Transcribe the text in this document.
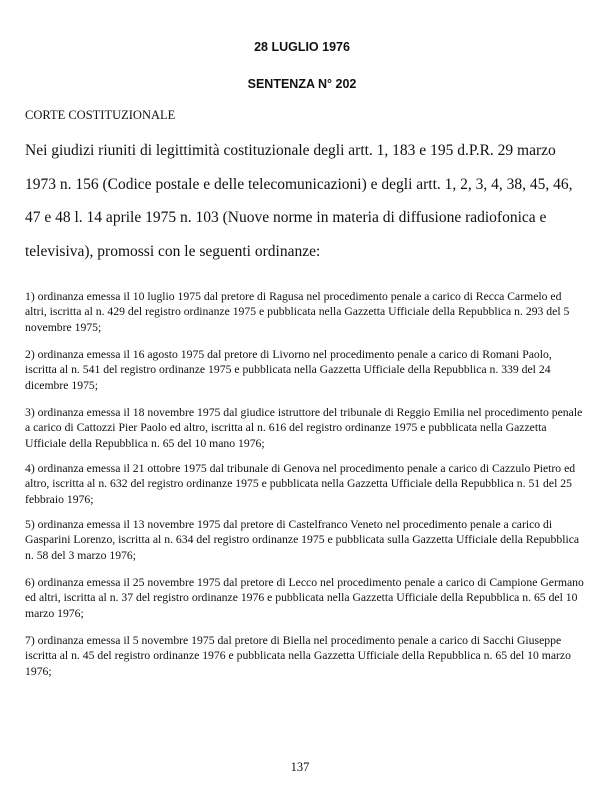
28 LUGLIO 1976
SENTENZA N° 202
CORTE COSTITUZIONALE

Nei giudizi riuniti di legittimità costituzionale degli artt. 1, 183 e 195 d.P.R. 29 marzo 1973 n. 156 (Codice postale e delle telecomunicazioni) e degli artt. 1, 2, 3, 4, 38, 45, 46, 47 e 48 l. 14 aprile 1975 n. 103 (Nuove norme in materia di diffusione radiofonica e televisiva), promossi con le seguenti ordinanze:

1) ordinanza emessa il 10 luglio 1975 dal pretore di Ragusa nel procedimento penale a carico di Recca Carmelo ed altri, iscritta al n. 429 del registro ordinanze 1975 e pubblicata nella Gazzetta Ufficiale della Repubblica n. 293 del 5 novembre 1975;

2) ordinanza emessa il 16 agosto 1975 dal pretore di Livorno nel procedimento penale a carico di Romani Paolo, iscritta al n. 541 del registro ordinanze 1975 e pubblicata nella Gazzetta Ufficiale della Repubblica n. 339 del 24 dicembre 1975;

3) ordinanza emessa il 18 novembre 1975 dal giudice istruttore del tribunale di Reggio Emilia nel procedimento penale a carico di Cattozzi Pier Paolo ed altro, iscritta al n. 616 del registro ordinanze 1975 e pubblicata nella Gazzetta Ufficiale della Repubblica n. 65 del 10 mano 1976;

4) ordinanza emessa il 21 ottobre 1975 dal tribunale di Genova nel procedimento penale a carico di Cazzulo Pietro ed altro, iscritta al n. 632 del registro ordinanze 1975 e pubblicata nella Gazzetta Ufficiale della Repubblica n. 51 del 25 febbraio 1976;

5) ordinanza emessa il 13 novembre 1975 dal pretore di Castelfranco Veneto nel procedimento penale a carico di Gasparini Lorenzo, iscritta al n. 634 del registro ordinanze 1975 e pubblicata sulla Gazzetta Ufficiale della Repubblica n. 58 del 3 marzo 1976;

6) ordinanza emessa il 25 novembre 1975 dal pretore di Lecco nel procedimento penale a carico di Campione Germano ed altri, iscritta al n. 37 del registro ordinanze 1976 e pubblicata nella Gazzetta Ufficiale della Repubblica n. 65 del 10 marzo 1976;

7) ordinanza emessa il 5 novembre 1975 dal pretore di Biella nel procedimento penale a carico di Sacchi Giuseppe iscritta al n. 45 del registro ordinanze 1976 e pubblicata nella Gazzetta Ufficiale della Repubblica n. 65 del 10 marzo 1976;

137
